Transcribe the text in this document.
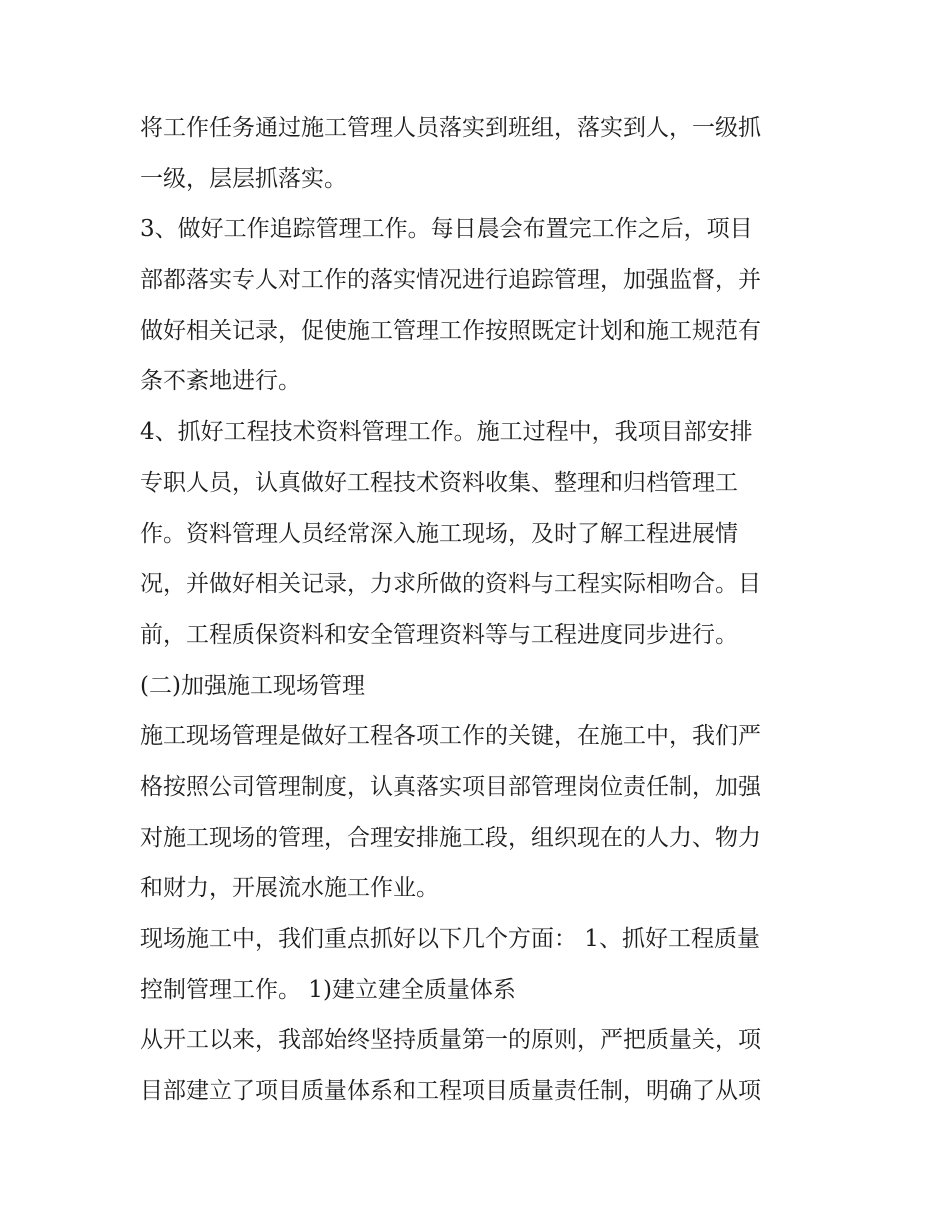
将工作任务通过施工管理人员落实到班组，落实到人，一级抓
一级，层层抓落实。
3、做好工作追踪管理工作。每日晨会布置完工作之后，项目
部都落实专人对工作的落实情况进行追踪管理，加强监督，并
做好相关记录，促使施工管理工作按照既定计划和施工规范有
条不紊地进行。
4、抓好工程技术资料管理工作。施工过程中，我项目部安排
专职人员，认真做好工程技术资料收集、整理和归档管理工
作。资料管理人员经常深入施工现场，及时了解工程进展情
况，并做好相关记录，力求所做的资料与工程实际相吻合。目
前，工程质保资料和安全管理资料等与工程进度同步进行。
(二)加强施工现场管理
施工现场管理是做好工程各项工作的关键，在施工中，我们严
格按照公司管理制度，认真落实项目部管理岗位责任制，加强
对施工现场的管理，合理安排施工段，组织现在的人力、物力
和财力，开展流水施工作业。
现场施工中，我们重点抓好以下几个方面： 1、抓好工程质量
控制管理工作。 1)建立建全质量体系
从开工以来，我部始终坚持质量第一的原则，严把质量关，项
目部建立了项目质量体系和工程项目质量责任制，明确了从项
